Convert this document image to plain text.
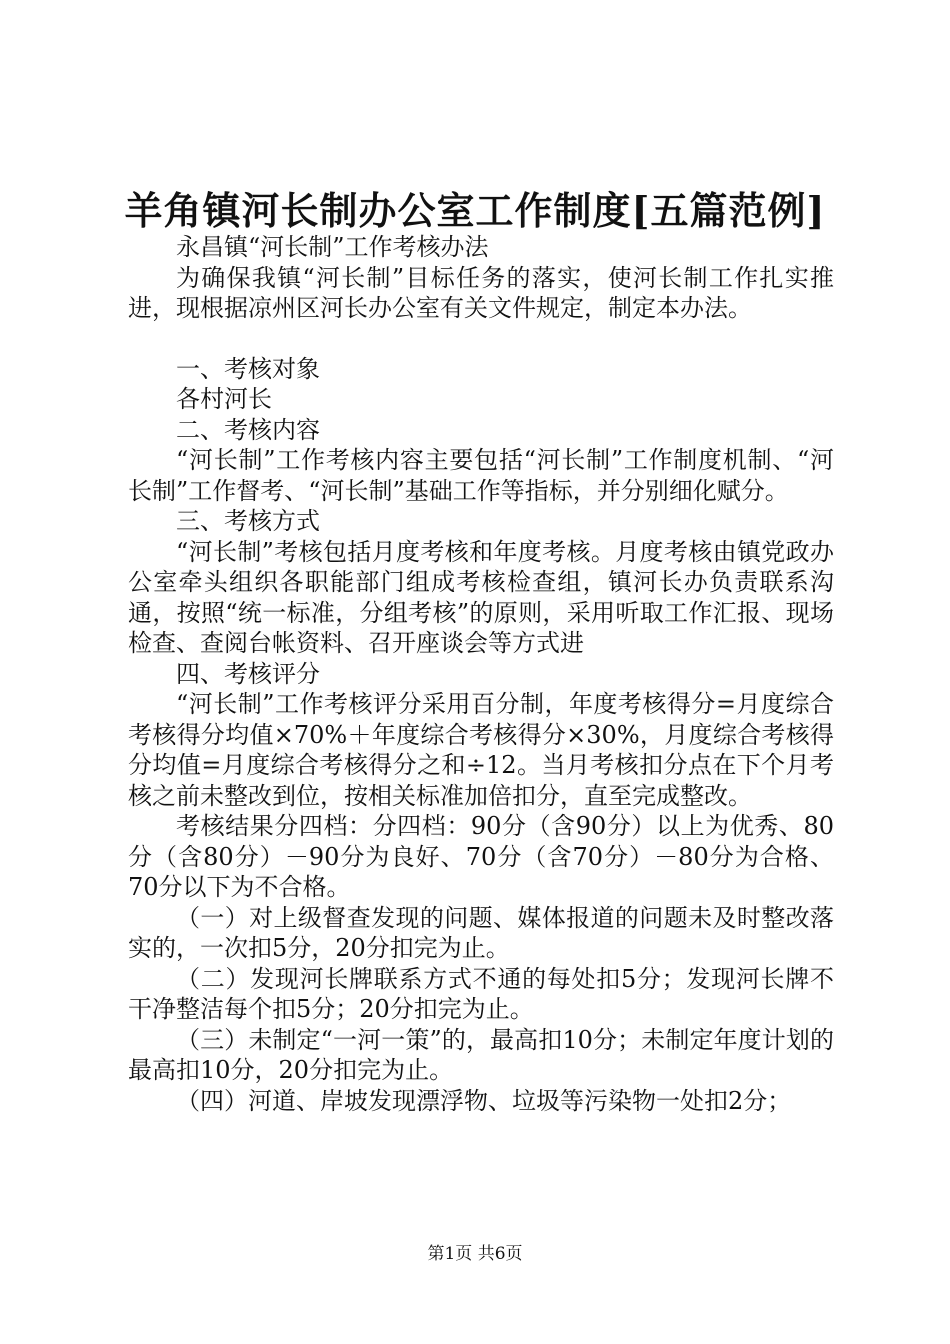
羊角镇河长制办公室工作制度[五篇范例]

永昌镇“河长制”工作考核办法

为确保我镇“河长制”目标任务的落实，使河长制工作扎实推进，现根据凉州区河长办公室有关文件规定，制定本办法。

一、考核对象

各村河长

二、考核内容

“河长制”工作考核内容主要包括“河长制”工作制度机制、“河长制”工作督考、“河长制”基础工作等指标，并分别细化赋分。

三、考核方式

“河长制”考核包括月度考核和年度考核。月度考核由镇党政办公室牵头组织各职能部门组成考核检查组，镇河长办负责联系沟通，按照“统一标准，分组考核”的原则，采用听取工作汇报、现场检查、查阅台帐资料、召开座谈会等方式进

四、考核评分

“河长制”工作考核评分采用百分制，年度考核得分=月度综合考核得分均值×70%＋年度综合考核得分×30%，月度综合考核得分均值=月度综合考核得分之和÷12。当月考核扣分点在下个月考核之前未整改到位，按相关标准加倍扣分，直至完成整改。

考核结果分四档：分四档：90分（含90分）以上为优秀、80分（含80分）－90分为良好、70分（含70分）－80分为合格、70分以下为不合格。

（一）对上级督查发现的问题、媒体报道的问题未及时整改落实的，一次扣5分，20分扣完为止。

（二）发现河长牌联系方式不通的每处扣5分；发现河长牌不干净整洁每个扣5分；20分扣完为止。

（三）未制定“一河一策”的，最高扣10分；未制定年度计划的最高扣10分，20分扣完为止。

（四）河道、岸坡发现漂浮物、垃圾等污染物一处扣2分；

第1页 共6页
